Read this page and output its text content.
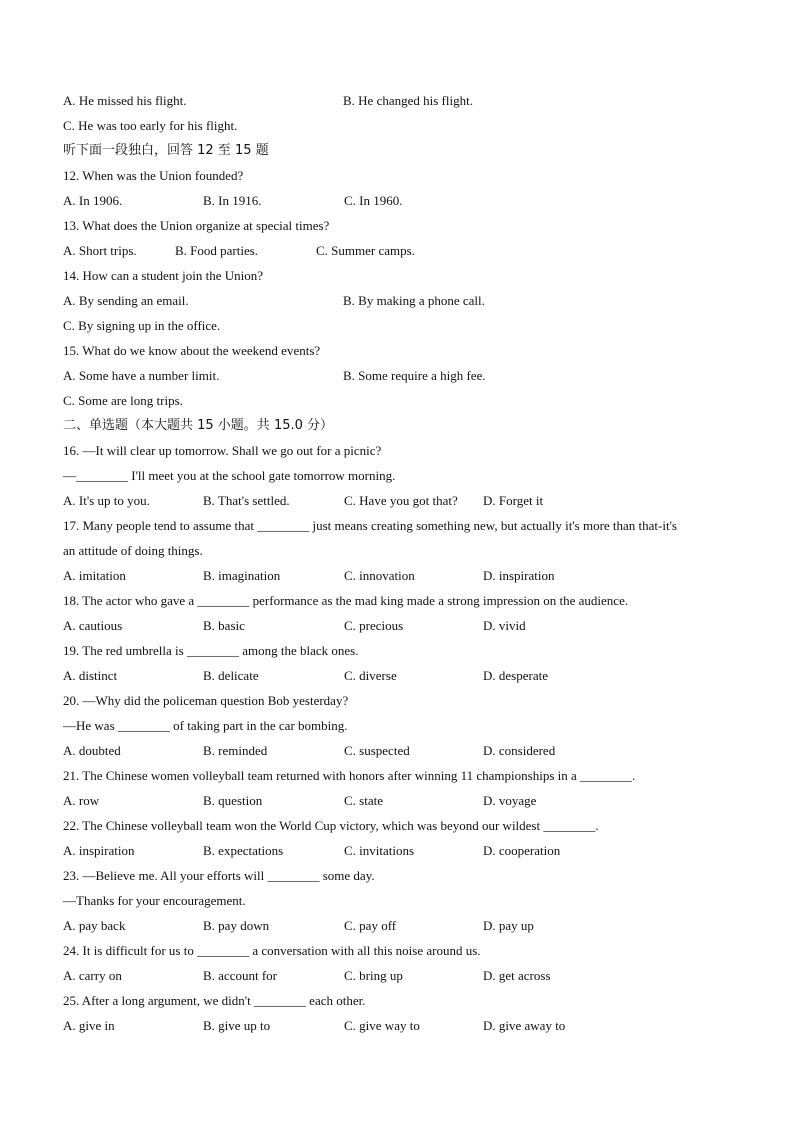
A. He missed his flight.	B. He changed his flight.
C. He was too early for his flight.
听下面一段独白，回答 12 至 15 题
12. When was the Union founded?
A. In 1906.	B. In 1916.	C. In 1960.
13. What does the Union organize at special times?
A. Short trips.	B. Food parties.	C. Summer camps.
14. How can a student join the Union?
A. By sending an email.	B. By making a phone call.
C. By signing up in the office.
15. What do we know about the weekend events?
A. Some have a number limit.	B. Some require a high fee.
C. Some are long trips.
二、单选题（本大题共 15 小题。共 15.0 分）
16. —It will clear up tomorrow. Shall we go out for a picnic?
—________ I'll meet you at the school gate tomorrow morning.
A. It's up to you.	B. That's settled.	C. Have you got that? D. Forget it
17. Many people tend to assume that ________ just means creating something new, but actually it's more than that-it's
an attitude of doing things.
A. imitation	B. imagination	C. innovation	D. inspiration
18. The actor who gave a ________ performance as the mad king made a strong impression on the audience.
A. cautious	B. basic	C. precious	D. vivid
19. The red umbrella is ________ among the black ones.
A. distinct	B. delicate	C. diverse	D. desperate
20. —Why did the policeman question Bob yesterday?
—He was ________ of taking part in the car bombing.
A. doubted	B. reminded	C. suspected	D. considered
21. The Chinese women volleyball team returned with honors after winning 11 championships in a ________.
A. row	B. question	C. state	D. voyage
22. The Chinese volleyball team won the World Cup victory, which was beyond our wildest ________.
A. inspiration	B. expectations	C. invitations	D. cooperation
23. —Believe me. All your efforts will ________ some day.
—Thanks for your encouragement.
A. pay back	B. pay down	C. pay off	D. pay up
24. It is difficult for us to ________ a conversation with all this noise around us.
A. carry on	B. account for	C. bring up	D. get across
25. After a long argument, we didn't ________ each other.
A. give in	B. give up to	C. give way to	D. give away to
